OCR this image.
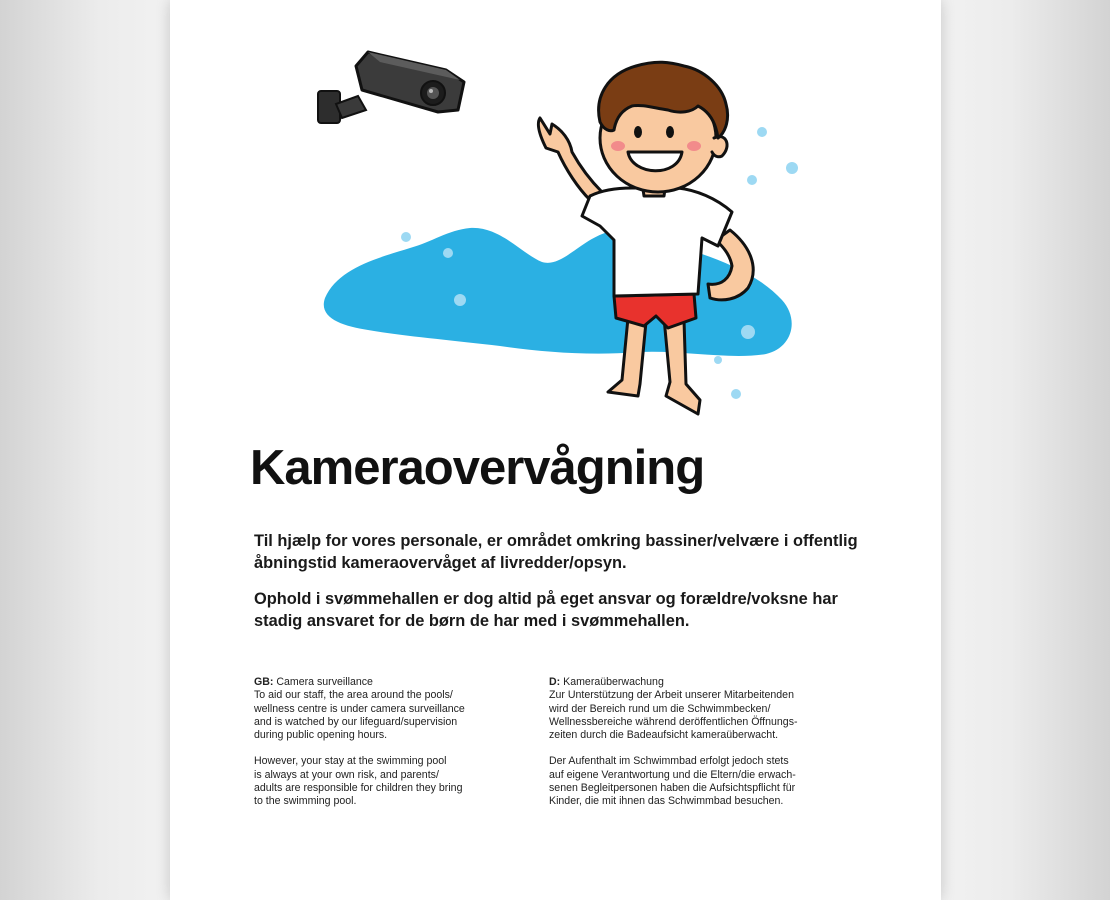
Kameraovervågning

Til hjælp for vores personale, er området omkring bassiner/velvære i offentlig åbningstid kameraovervåget af livredder/opsyn.

Ophold i svømmehallen er dog altid på eget ansvar og forældre/voksne har stadig ansvaret for de børn de har med i svømmehallen.

GB: Camera surveillance

To aid our staff, the area around the pools/
wellness centre is under camera surveillance
and is watched by our lifeguard/supervision
during public opening hours.

However, your stay at the swimming pool
is always at your own risk, and parents/
adults are responsible for children they bring
to the swimming pool.

D: Kameraüberwachung

Zur Unterstützung der Arbeit unserer Mitarbeitenden
wird der Bereich rund um die Schwimmbecken/
Wellnessbereiche während deröffentlichen Öffnungs-
zeiten durch die Badeaufsicht kameraüberwacht.

Der Aufenthalt im Schwimmbad erfolgt jedoch stets
auf eigene Verantwortung und die Eltern/die erwach-
senen Begleitpersonen haben die Aufsichtspflicht für
Kinder, die mit ihnen das Schwimmbad besuchen.
